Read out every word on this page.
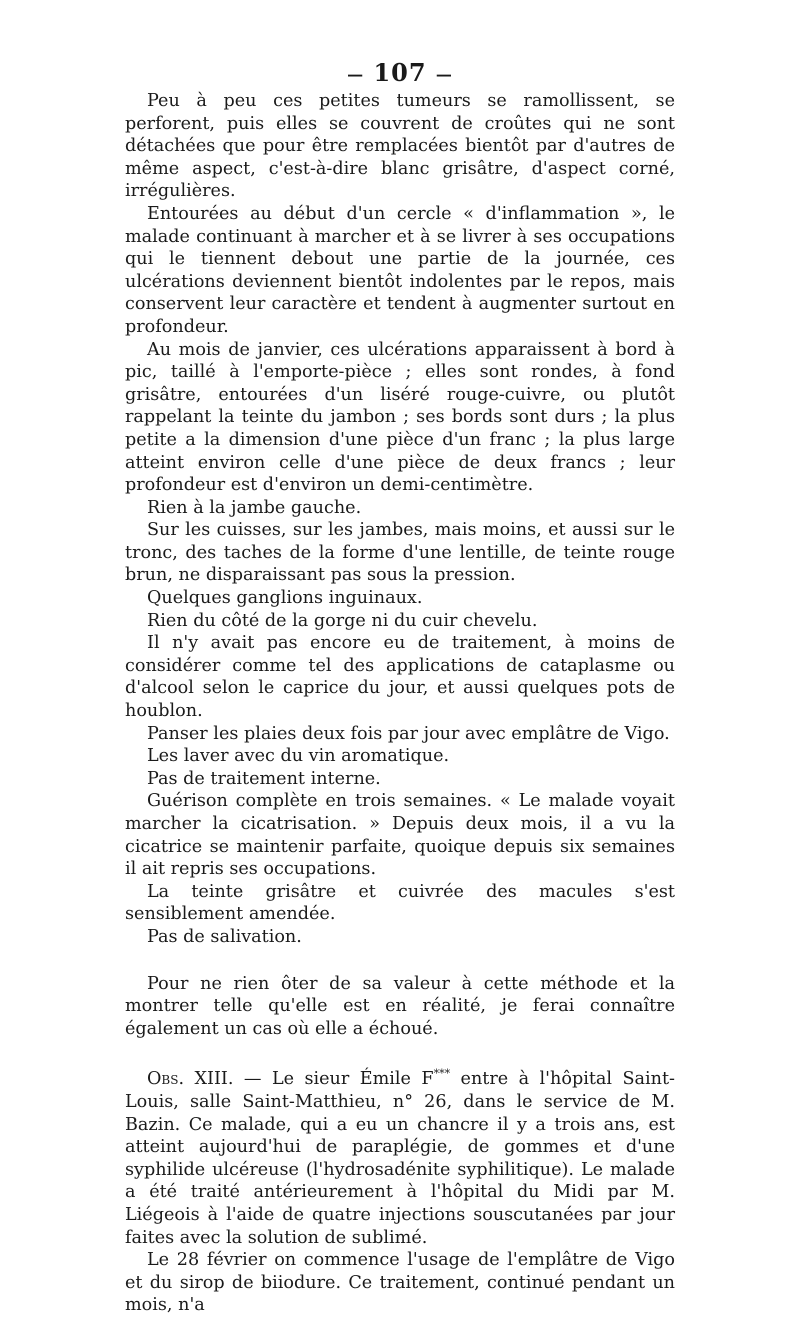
— 107 —

Peu à peu ces petites tumeurs se ramollissent, se perforent, puis elles se couvrent de croûtes qui ne sont détachées que pour être remplacées bientôt par d'autres de même aspect, c'est-à-dire blanc grisâtre, d'aspect corné, irrégulières.

Entourées au début d'un cercle « d'inflammation », le malade continuant à marcher et à se livrer à ses occupations qui le tiennent debout une partie de la journée, ces ulcérations deviennent bientôt indolentes par le repos, mais conservent leur caractère et tendent à augmenter surtout en profondeur.

Au mois de janvier, ces ulcérations apparaissent à bord à pic, taillé à l'emporte-pièce ; elles sont rondes, à fond grisâtre, entourées d'un liséré rouge-cuivre, ou plutôt rappelant la teinte du jambon ; ses bords sont durs ; la plus petite a la dimension d'une pièce d'un franc ; la plus large atteint environ celle d'une pièce de deux francs ; leur profondeur est d'environ un demi-centimètre.

Rien à la jambe gauche.

Sur les cuisses, sur les jambes, mais moins, et aussi sur le tronc, des taches de la forme d'une lentille, de teinte rouge brun, ne disparaissant pas sous la pression.

Quelques ganglions inguinaux.

Rien du côté de la gorge ni du cuir chevelu.

Il n'y avait pas encore eu de traitement, à moins de considérer comme tel des applications de cataplasme ou d'alcool selon le caprice du jour, et aussi quelques pots de houblon.

Panser les plaies deux fois par jour avec emplâtre de Vigo.

Les laver avec du vin aromatique.

Pas de traitement interne.

Guérison complète en trois semaines. « Le malade voyait marcher la cicatrisation. » Depuis deux mois, il a vu la cicatrice se maintenir parfaite, quoique depuis six semaines il ait repris ses occupations.

La teinte grisâtre et cuivrée des macules s'est sensiblement amendée.

Pas de salivation.

Pour ne rien ôter de sa valeur à cette méthode et la montrer telle qu'elle est en réalité, je ferai connaître également un cas où elle a échoué.

Obs. XIII. — Le sieur Émile F*** entre à l'hôpital Saint-Louis, salle Saint-Matthieu, n° 26, dans le service de M. Bazin. Ce malade, qui a eu un chancre il y a trois ans, est atteint aujourd'hui de paraplégie, de gommes et d'une syphilide ulcéreuse (l'hydrosadénite syphilitique). Le malade a été traité antérieurement à l'hôpital du Midi par M. Liégeois à l'aide de quatre injections souscutanées par jour faites avec la solution de sublimé.

Le 28 février on commence l'usage de l'emplâtre de Vigo et du sirop de biiodure. Ce traitement, continué pendant un mois, n'a
